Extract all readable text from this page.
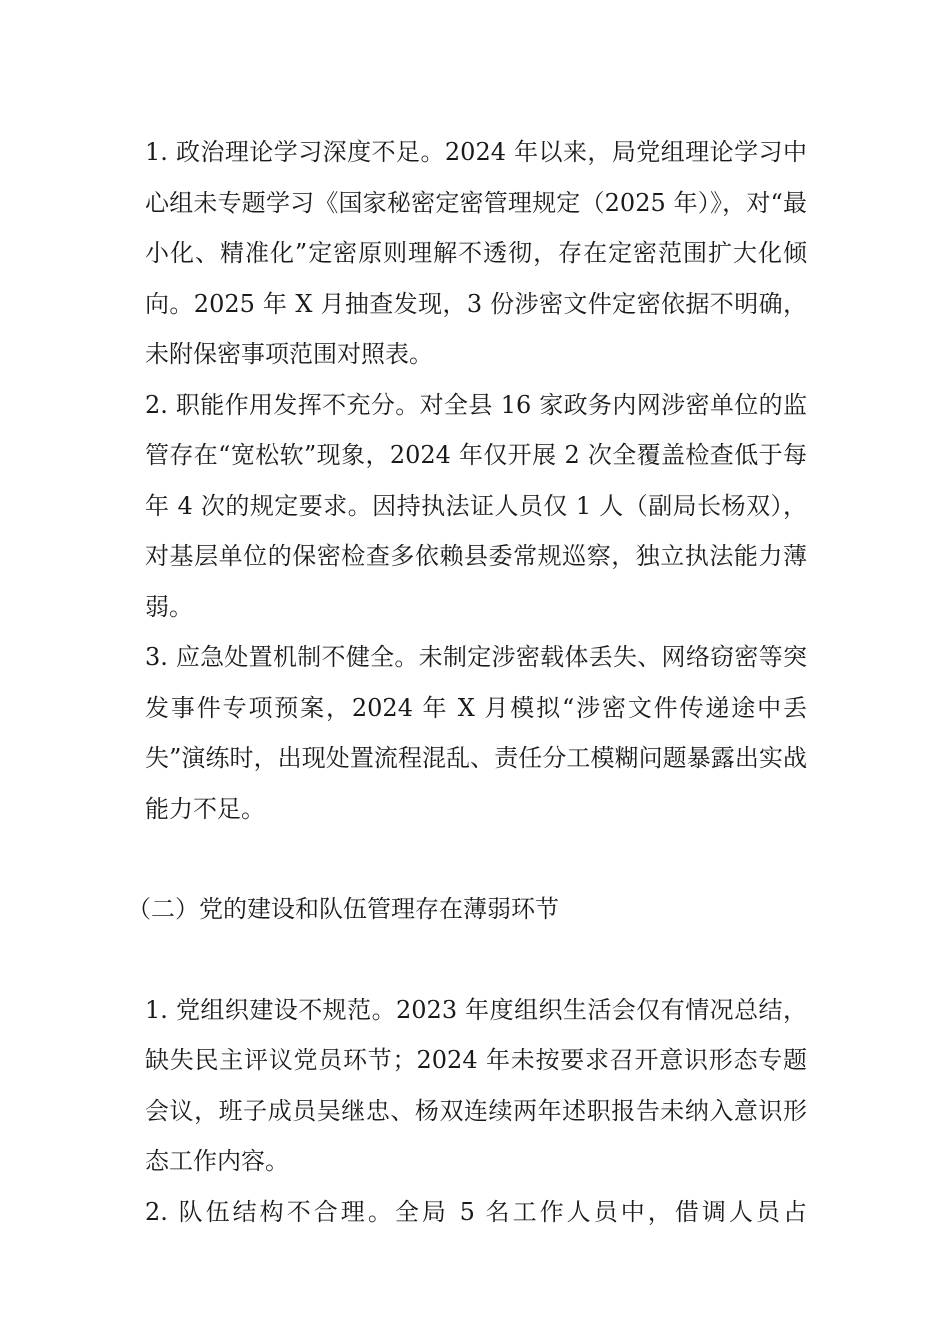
1. 政治理论学习深度不足。2024 年以来，局党组理论学习中心组未专题学习《国家秘密定密管理规定（2025 年）》，对“最小化、精准化”定密原则理解不透彻，存在定密范围扩大化倾向。2025 年 X 月抽查发现，3 份涉密文件定密依据不明确，未附保密事项范围对照表。

2. 职能作用发挥不充分。对全县 16 家政务内网涉密单位的监管存在“宽松软”现象，2024 年仅开展 2 次全覆盖检查低于每年 4 次的规定要求。因持执法证人员仅 1 人（副局长杨双），对基层单位的保密检查多依赖县委常规巡察，独立执法能力薄弱。

3. 应急处置机制不健全。未制定涉密载体丢失、网络窃密等突发事件专项预案，2024 年 X 月模拟“涉密文件传递途中丢失”演练时，出现处置流程混乱、责任分工模糊问题暴露出实战能力不足。

（二）党的建设和队伍管理存在薄弱环节

1. 党组织建设不规范。2023 年度组织生活会仅有情况总结，缺失民主评议党员环节；2024 年未按要求召开意识形态专题会议，班子成员吴继忠、杨双连续两年述职报告未纳入意识形态工作内容。

2. 队伍结构不合理。全局 5 名工作人员中，借调人员占
